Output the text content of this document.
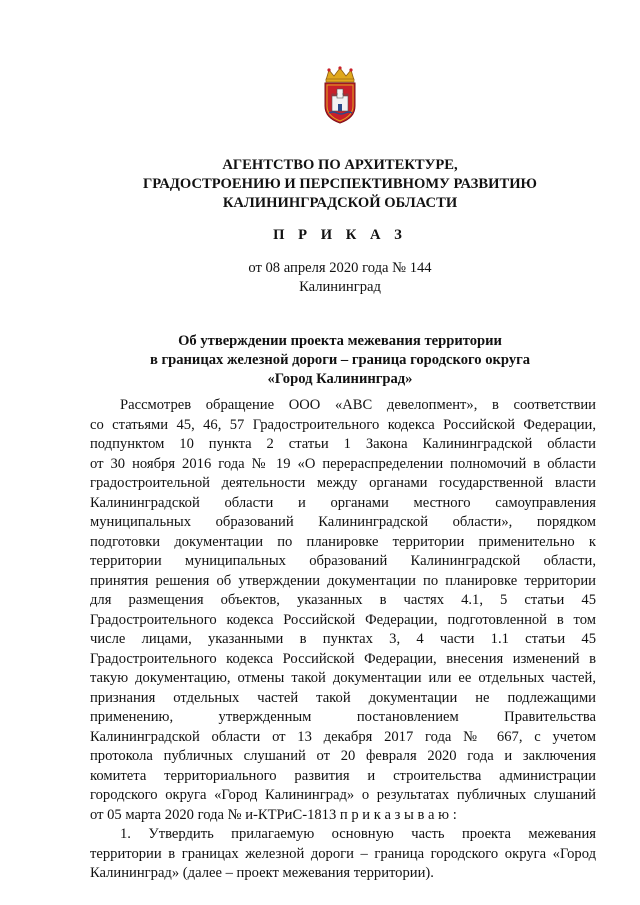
АГЕНТСТВО ПО АРХИТЕКТУРЕ,
ГРАДОСТРОЕНИЮ И ПЕРСПЕКТИВНОМУ РАЗВИТИЮ
КАЛИНИНГРАДСКОЙ ОБЛАСТИ
П Р И К А З
от 08 апреля 2020 года № 144
Калининград
Об утверждении проекта межевания территории
в границах железной дороги – граница городского округа
«Город Калининград»
Рассмотрев обращение ООО «АВС девелопмент», в соответствии
со статьями 45, 46, 57 Градостроительного кодекса Российской Федерации,
подпунктом 10 пункта 2 статьи 1 Закона Калининградской области
от 30 ноября 2016 года № 19 «О перераспределении полномочий в области
градостроительной деятельности между органами государственной власти
Калининградской области и органами местного самоуправления
муниципальных образований Калининградской области», порядком
подготовки документации по планировке территории применительно к
территории муниципальных образований Калининградской области,
принятия решения об утверждении документации по планировке территории
для размещения объектов, указанных в частях 4.1, 5 статьи 45
Градостроительного кодекса Российской Федерации, подготовленной в том
числе лицами, указанными в пунктах 3, 4 части 1.1 статьи 45
Градостроительного кодекса Российской Федерации, внесения изменений в
такую документацию, отмены такой документации или ее отдельных частей,
признания отдельных частей такой документации не подлежащими
применению, утвержденным постановлением Правительства
Калининградской области от 13 декабря 2017 года № 667, с учетом
протокола публичных слушаний от 20 февраля 2020 года и заключения
комитета территориального развития и строительства администрации
городского округа «Город Калининград» о результатах публичных слушаний
от 05 марта 2020 года № и-КТРиС-1813 п р и к а з ы в а ю :
1. Утвердить прилагаемую основную часть проекта межевания
территории в границах железной дороги – граница городского округа «Город
Калининград» (далее – проект межевания территории).
